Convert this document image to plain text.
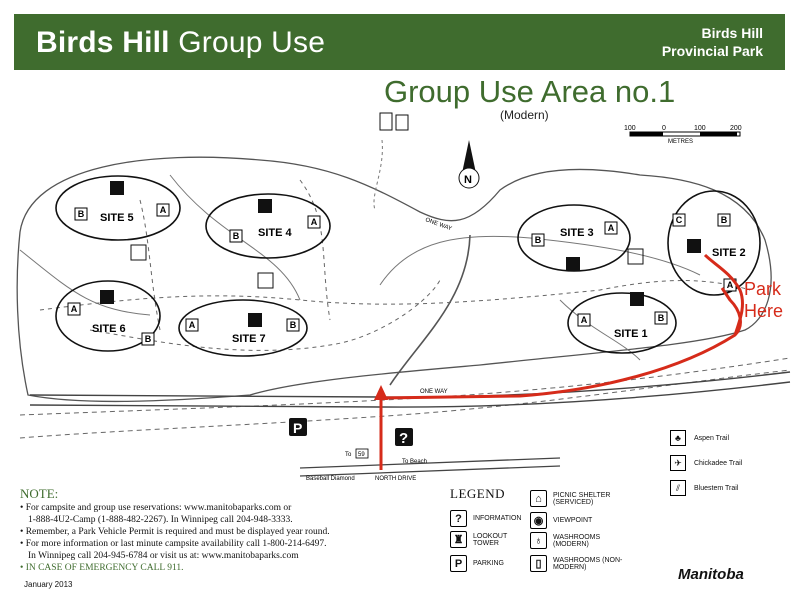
Birds Hill Group Use	Birds Hill
Provincial Park
Group Use Area no.1
(Modern)
SITE 5
SITE 4	SITE 3
SITE 2
SITE 6
SITE 7	SITE 1
B	A
B
A
B
A
C	B
A
A
B
A	B	A	B
N
100	0	100	200
METRES
ONE WAY
ONE WAY
To 59
To Beach
Baseball Diamond	NORTH DRIVE
?
P
Park
Here
NOTE:
• For campsite and group use reservations: www.manitobaparks.com or
1-888-4U2-Camp (1-888-482-2267). In Winnipeg call 204-948-3333.
• Remember, a Park Vehicle Permit is required and must be displayed year round.
• For more information or last minute campsite availability call 1-800-214-6497.
In Winnipeg call 204-945-6784 or visit us at: www.manitobaparks.com
• IN CASE OF EMERGENCY CALL 911.
LEGEND
?	INFORMATION
♜	LOOKOUT TOWER
P	PARKING
⌂	PICNIC SHELTER (SERVICED)
◉	VIEWPOINT
♁	WASHROOMS (MODERN)
▯	WASHROOMS (NON-MODERN)
♣	Aspen Trail
✈	Chickadee Trail
⫽	Bluestem Trail
January 2013
Manitoba
